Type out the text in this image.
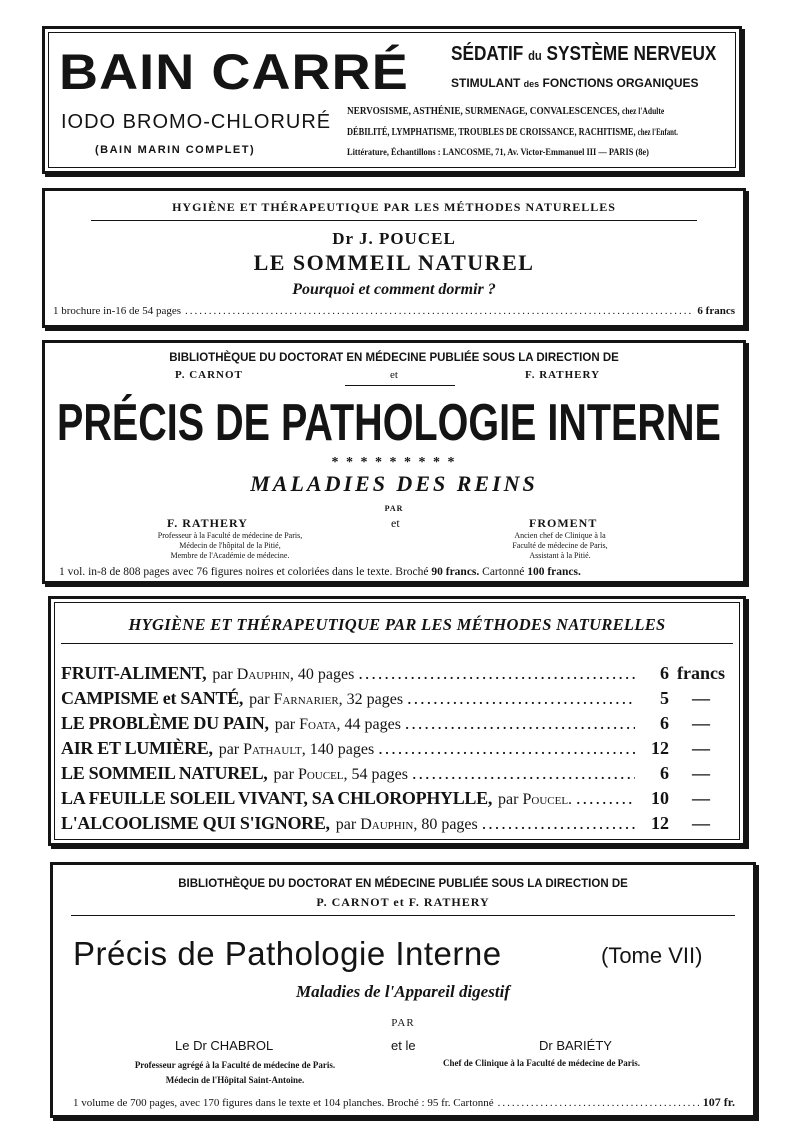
BAIN CARRÉ
IODO BROMO-CHLORURÉ
(BAIN MARIN COMPLET)
SÉDATIF du SYSTÈME NERVEUX
STIMULANT des FONCTIONS ORGANIQUES
NERVOSISME, ASTHÉNIE, SURMENAGE, CONVALESCENCES, chez l'Adulte
DÉBILITÉ, LYMPHATISME, TROUBLES DE CROISSANCE, RACHITISME, chez l'Enfant.
Littérature, Échantillons : LANCOSME, 71, Av. Victor-Emmanuel III — PARIS (8e)
HYGIÈNE ET THÉRAPEUTIQUE PAR LES MÉTHODES NATURELLES
Dr J. POUCEL
LE SOMMEIL NATUREL
Pourquoi et comment dormir ?
1 brochure in-16 de 54 pages .....	6 francs
BIBLIOTHÈQUE DU DOCTORAT EN MÉDECINE PUBLIÉE SOUS LA DIRECTION DE
P. CARNOT	et	F. RATHERY
PRÉCIS DE PATHOLOGIE INTERNE
* * * * * * * * *
MALADIES DES REINS
PAR
F. RATHERY	et	FROMENT
Professeur à la Faculté de médecine de Paris,
Médecin de l'hôpital de la Pitié,
Membre de l'Académie de médecine.
Ancien chef de Clinique à la
Faculté de médecine de Paris,
Assistant à la Pitié.
1 vol. in-8 de 808 pages avec 76 figures noires et coloriées dans le texte. Broché 90 francs. Cartonné 100 francs.
HYGIÈNE ET THÉRAPEUTIQUE PAR LES MÉTHODES NATURELLES
FRUIT-ALIMENT, par Dauphin , 40 pages .....	6 francs
CAMPISME et SANTÉ, par Farnarier , 32 pages .....	5	—
LE PROBLÈME DU PAIN, par Foata , 44 pages .....	6	—
AIR ET LUMIÈRE, par Pathault , 140 pages .....	12	—
LE SOMMEIL NATUREL, par Poucel , 54 pages .....	6	—
LA FEUILLE SOLEIL VIVANT, SA CHLOROPHYLLE, par Poucel . .....	10	—
L'ALCOOLISME QUI S'IGNORE, par Dauphin , 80 pages .....	12	—
BIBLIOTHÈQUE DU DOCTORAT EN MÉDECINE PUBLIÉE SOUS LA DIRECTION DE
P. CARNOT et F. RATHERY
Précis de Pathologie Interne	(Tome VII)
Maladies de l'Appareil digestif
PAR
Le Dr CHABROL	et le	Dr BARIÉTY
Professeur agrégé à la Faculté de médecine de Paris.
Médecin de l'Hôpital Saint-Antoine.
Chef de Clinique à la Faculté de médecine de Paris.
1 volume de 700 pages, avec 170 figures dans le texte et 104 planches. Broché : 95 fr. Cartonné .....	107 fr.
